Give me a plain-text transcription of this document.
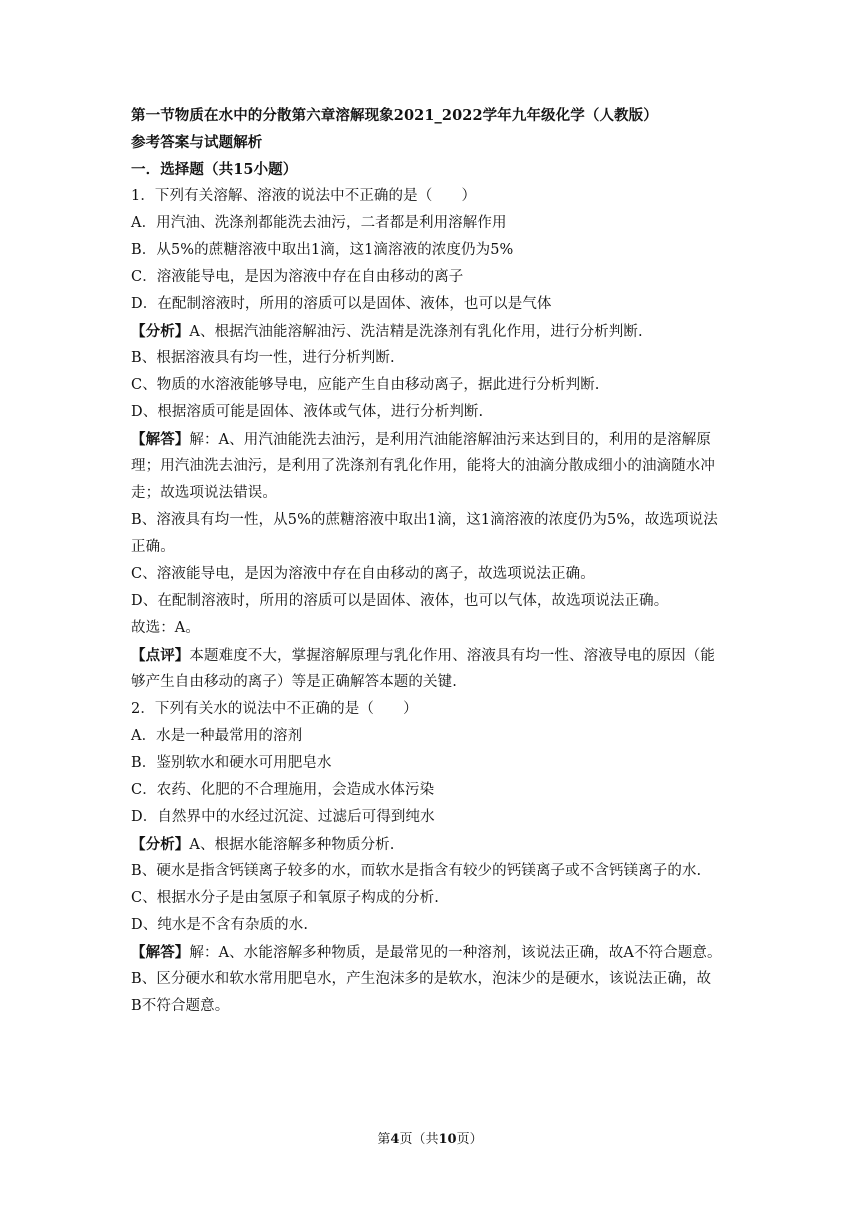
第一节物质在水中的分散第六章溶解现象2021_2022学年九年级化学（人教版）
参考答案与试题解析
一．选择题（共15小题）
1．下列有关溶解、溶液的说法中不正确的是（　　）
A．用汽油、洗涤剂都能洗去油污，二者都是利用溶解作用
B．从5%的蔗糖溶液中取出1滴，这1滴溶液的浓度仍为5%
C．溶液能导电，是因为溶液中存在自由移动的离子
D．在配制溶液时，所用的溶质可以是固体、液体，也可以是气体
【分析】A、根据汽油能溶解油污、洗洁精是洗涤剂有乳化作用，进行分析判断.
B、根据溶液具有均一性，进行分析判断.
C、物质的水溶液能够导电，应能产生自由移动离子，据此进行分析判断.
D、根据溶质可能是固体、液体或气体，进行分析判断.
【解答】解：A、用汽油能洗去油污，是利用汽油能溶解油污来达到目的，利用的是溶解原
理；用汽油洗去油污，是利用了洗涤剂有乳化作用，能将大的油滴分散成细小的油滴随水冲
走；故选项说法错误。
B、溶液具有均一性，从5%的蔗糖溶液中取出1滴，这1滴溶液的浓度仍为5%，故选项说法
正确。
C、溶液能导电，是因为溶液中存在自由移动的离子，故选项说法正确。
D、在配制溶液时，所用的溶质可以是固体、液体，也可以气体，故选项说法正确。
故选：A。
【点评】本题难度不大，掌握溶解原理与乳化作用、溶液具有均一性、溶液导电的原因（能
够产生自由移动的离子）等是正确解答本题的关键.
2．下列有关水的说法中不正确的是（　　）
A．水是一种最常用的溶剂
B．鉴别软水和硬水可用肥皂水
C．农药、化肥的不合理施用，会造成水体污染
D．自然界中的水经过沉淀、过滤后可得到纯水
【分析】A、根据水能溶解多种物质分析.
B、硬水是指含钙镁离子较多的水，而软水是指含有较少的钙镁离子或不含钙镁离子的水.
C、根据水分子是由氢原子和氧原子构成的分析.
D、纯水是不含有杂质的水.
【解答】解：A、水能溶解多种物质，是最常见的一种溶剂，该说法正确，故A不符合题意。
B、区分硬水和软水常用肥皂水，产生泡沫多的是软水，泡沫少的是硬水，该说法正确，故
B不符合题意。
第4页（共10页）
